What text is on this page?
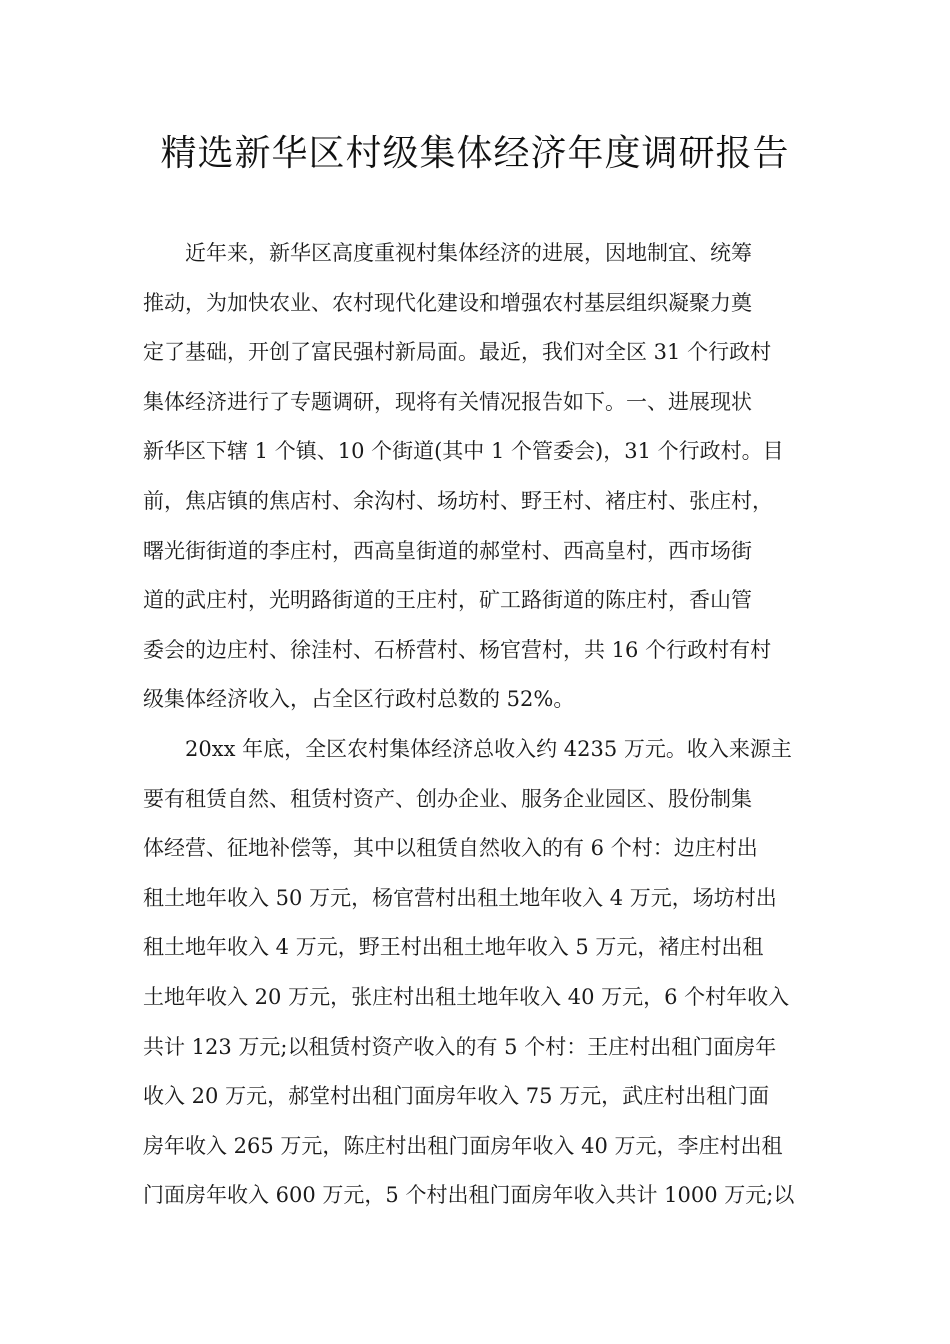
精选新华区村级集体经济年度调研报告

近年来，新华区高度重视村集体经济的进展，因地制宜、统筹

推动，为加快农业、农村现代化建设和增强农村基层组织凝聚力奠

定了基础，开创了富民强村新局面。最近，我们对全区 31 个行政村

集体经济进行了专题调研，现将有关情况报告如下。一、进展现状

新华区下辖 1 个镇、10 个街道(其中 1 个管委会)，31 个行政村。目

前，焦店镇的焦店村、余沟村、场坊村、野王村、褚庄村、张庄村，

曙光街街道的李庄村，西高皇街道的郝堂村、西高皇村，西市场街

道的武庄村，光明路街道的王庄村，矿工路街道的陈庄村，香山管

委会的边庄村、徐洼村、石桥营村、杨官营村，共 16 个行政村有村

级集体经济收入，占全区行政村总数的 52%。

20xx 年底，全区农村集体经济总收入约 4235 万元。收入来源主

要有租赁自然、租赁村资产、创办企业、服务企业园区、股份制集

体经营、征地补偿等，其中以租赁自然收入的有 6 个村：边庄村出

租土地年收入 50 万元，杨官营村出租土地年收入 4 万元，场坊村出

租土地年收入 4 万元，野王村出租土地年收入 5 万元，褚庄村出租

土地年收入 20 万元，张庄村出租土地年收入 40 万元，6 个村年收入

共计 123 万元;以租赁村资产收入的有 5 个村：王庄村出租门面房年

收入 20 万元，郝堂村出租门面房年收入 75 万元，武庄村出租门面

房年收入 265 万元，陈庄村出租门面房年收入 40 万元，李庄村出租

门面房年收入 600 万元，5 个村出租门面房年收入共计 1000 万元;以
